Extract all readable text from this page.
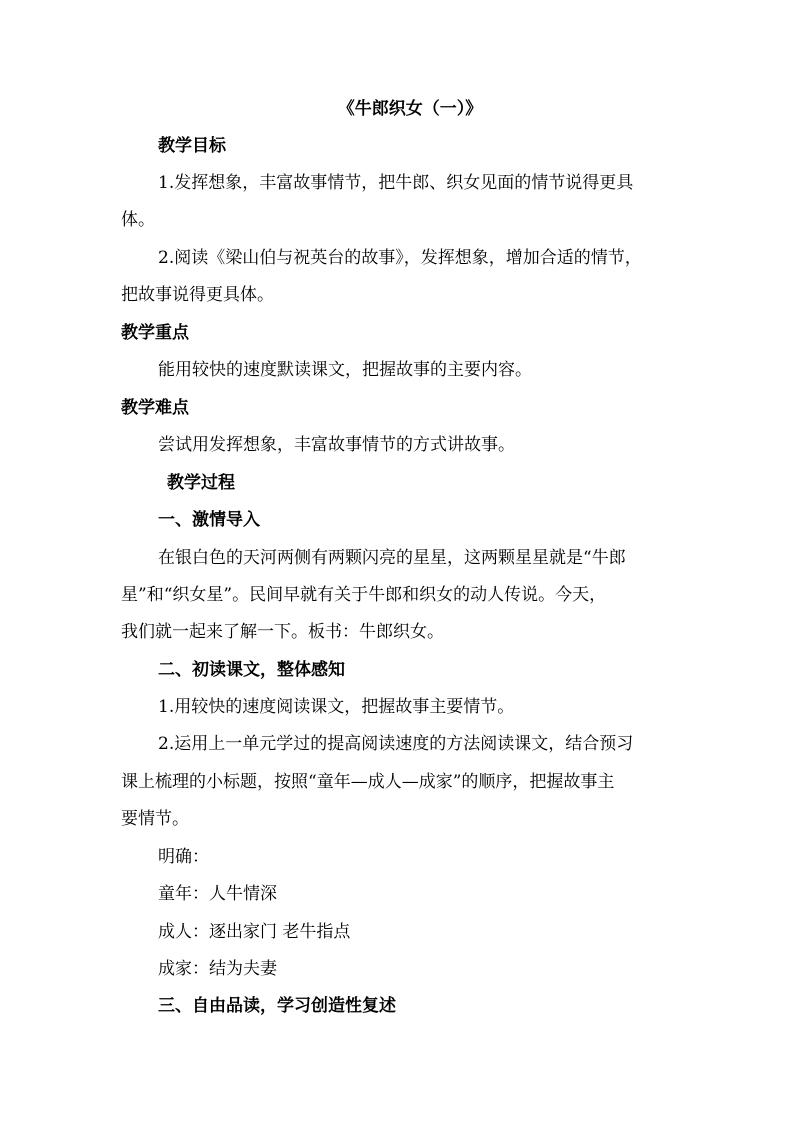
《牛郎织女（一）》
教学目标
1.发挥想象，丰富故事情节，把牛郎、织女见面的情节说得更具
体。
2.阅读《梁山伯与祝英台的故事》，发挥想象，增加合适的情节，
把故事说得更具体。
教学重点
能用较快的速度默读课文，把握故事的主要内容。
教学难点
尝试用发挥想象，丰富故事情节的方式讲故事。
教学过程
一、激情导入
在银白色的天河两侧有两颗闪亮的星星，这两颗星星就是“牛郎
星”和“织女星”。民间早就有关于牛郎和织女的动人传说。今天，
我们就一起来了解一下。板书：牛郎织女。
二、初读课文，整体感知
1.用较快的速度阅读课文，把握故事主要情节。
2.运用上一单元学过的提高阅读速度的方法阅读课文，结合预习
课上梳理的小标题，按照“童年—成人—成家”的顺序，把握故事主
要情节。
明确：
童年：人牛情深
成人：逐出家门 老牛指点
成家：结为夫妻
三、自由品读，学习创造性复述
